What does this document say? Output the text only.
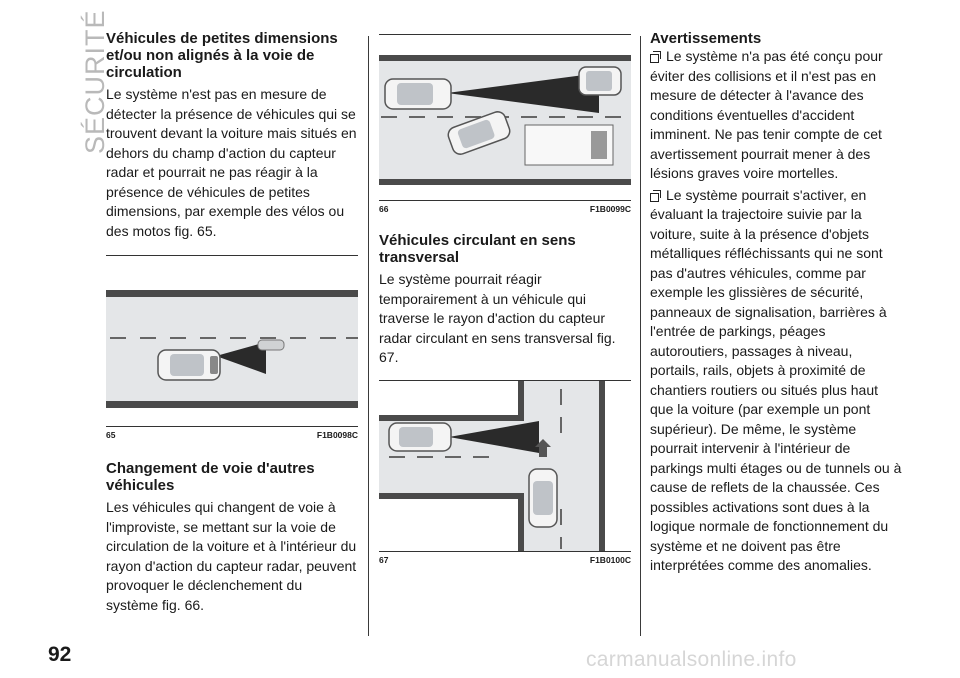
SÉCURITÉ
Véhicules de petites dimensions et/ou non alignés à la voie de circulation

Le système n'est pas en mesure de détecter la présence de véhicules qui se trouvent devant la voiture mais situés en dehors du champ d'action du capteur radar et pourrait ne pas réagir à la présence de véhicules de petites dimensions, par exemple des vélos ou des motos fig. 65.

65	F1B0098C
Changement de voie d'autres véhicules

Les véhicules qui changent de voie à l'improviste, se mettant sur la voie de circulation de la voiture et à l'intérieur du rayon d'action du capteur radar, peuvent provoquer le déclenchement du système fig. 66.

66	F1B0099C
Véhicules circulant en sens transversal

Le système pourrait réagir temporairement à un véhicule qui traverse le rayon d'action du capteur radar circulant en sens transversal fig. 67.

67	F1B0100C
Avertissements

Le système n'a pas été conçu pour éviter des collisions et il n'est pas en mesure de détecter à l'avance des conditions éventuelles d'accident imminent. Ne pas tenir compte de cet avertissement pourrait mener à des lésions graves voire mortelles.

Le système pourrait s'activer, en évaluant la trajectoire suivie par la voiture, suite à la présence d'objets métalliques réfléchissants qui ne sont pas d'autres véhicules, comme par exemple les glissières de sécurité, panneaux de signalisation, barrières à l'entrée de parkings, péages autoroutiers, passages à niveau, portails, rails, objets à proximité de chantiers routiers ou situés plus haut que la voiture (par exemple un pont supérieur). De même, le système pourrait intervenir à l'intérieur de parkings multi étages ou de tunnels ou à cause de reflets de la chaussée. Ces possibles activations sont dues à la logique normale de fonctionnement du système et ne doivent pas être interprétées comme des anomalies.

92	carmanualsonline.info
